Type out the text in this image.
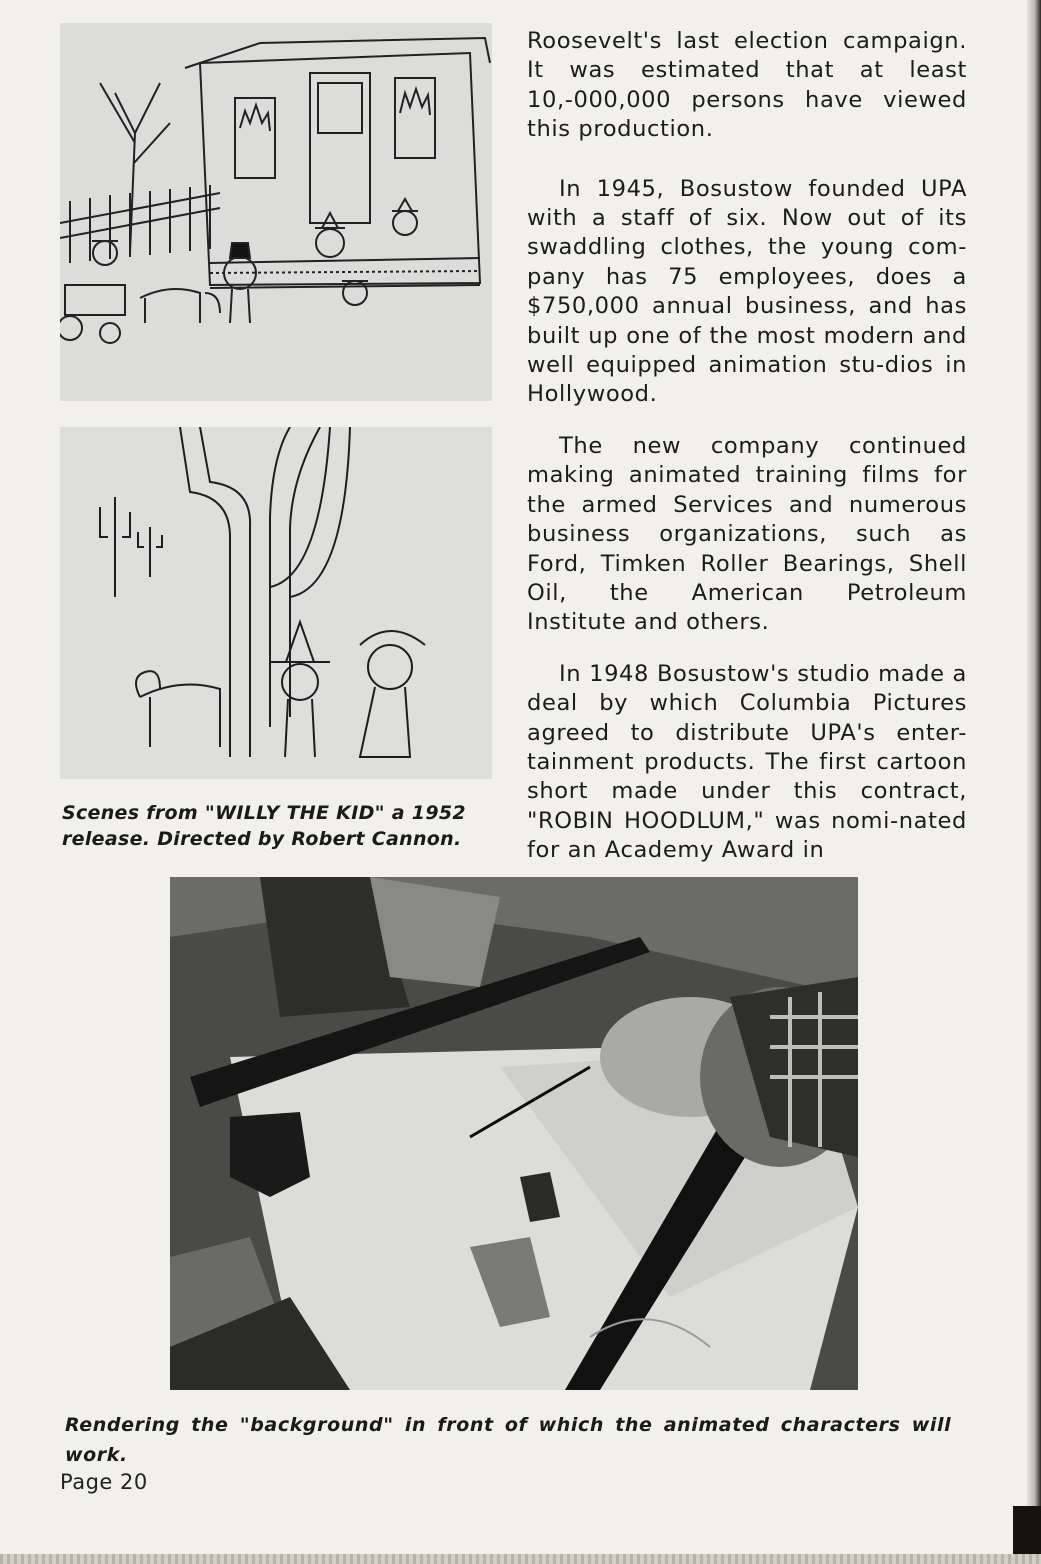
Scenes from "WILLY THE KID" a 1952 release. Directed by Robert Cannon.

Roosevelt's last election campaign. It was estimated that at least 10,-000,000 persons have viewed this production.

In 1945, Bosustow founded UPA with a staff of six. Now out of its swaddling clothes, the young com-pany has 75 employees, does a $750,000 annual business, and has built up one of the most modern and well equipped animation stu-dios in Hollywood.

The new company continued making animated training films for the armed Services and numerous business organizations, such as Ford, Timken Roller Bearings, Shell Oil, the American Petroleum Institute and others.

In 1948 Bosustow's studio made a deal by which Columbia Pictures agreed to distribute UPA's enter-tainment products. The first cartoon short made under this contract, "ROBIN HOODLUM," was nomi-nated for an Academy Award in

Rendering the "background" in front of which the animated characters will work.
Page 20
